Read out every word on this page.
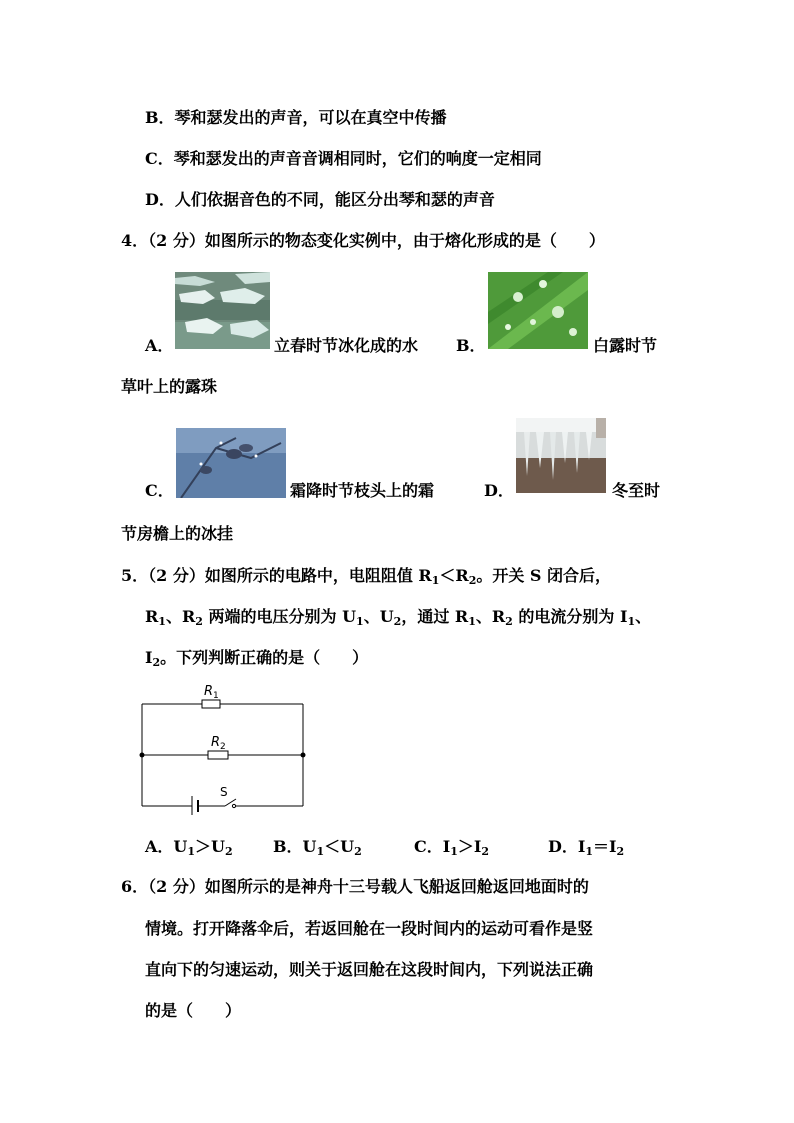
B．琴和瑟发出的声音，可以在真空中传播
C．琴和瑟发出的声音音调相同时，它们的响度一定相同
D．人们依据音色的不同，能区分出琴和瑟的声音
4．（2 分）如图所示的物态变化实例中，由于熔化形成的是（　　）
A．	立春时节冰化成的水 B．	白露时节
草叶上的露珠
C．	霜降时节枝头上的霜	D．	冬至时
节房檐上的冰挂
5．（2 分）如图所示的电路中，电阻阻值 $R_1<R_2$。开关 S 闭合后，
$R_1$、$R_2$ 两端的电压分别为 $U_1$、$U_2$，通过 $R_1$、$R_2$ 的电流分别为 $I_1$、
$I_2$。下列判断正确的是（　　）
$R_1$
$R_2$
S
A．$U_1>U_2$	B．$U_1<U_2$	C．$I_1>I_2$	D．$I_1=I_2$
6．（2 分）如图所示的是神舟十三号载人飞船返回舱返回地面时的
情境。打开降落伞后，若返回舱在一段时间内的运动可看作是竖
直向下的匀速运动，则关于返回舱在这段时间内，下列说法正确
的是（　　）
